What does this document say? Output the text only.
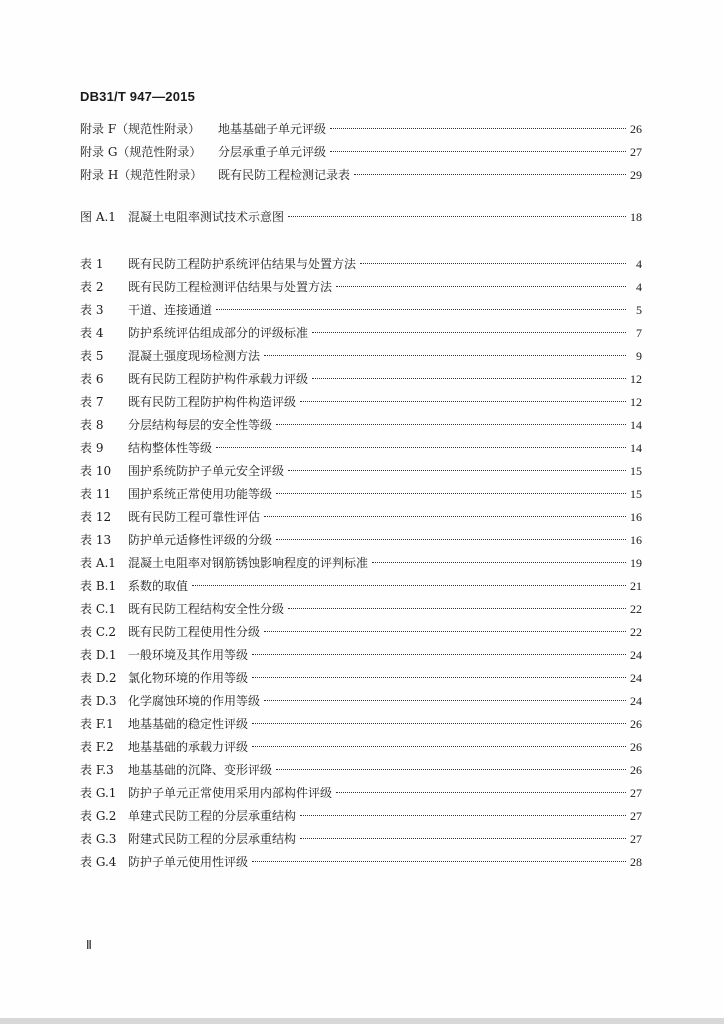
DB31/T 947—2015
附录 F（规范性附录）	地基基础子单元评级	26
附录 G（规范性附录）	分层承重子单元评级	27
附录 H（规范性附录）	既有民防工程检测记录表	29
图 A.1 混凝土电阻率测试技术示意图	18
表 1	既有民防工程防护系统评估结果与处置方法	4
表 2	既有民防工程检测评估结果与处置方法	4
表 3	干道、连接通道	5
表 4	防护系统评估组成部分的评级标准	7
表 5	混凝土强度现场检测方法	9
表 6	既有民防工程防护构件承载力评级	12
表 7	既有民防工程防护构件构造评级	12
表 8	分层结构每层的安全性等级	14
表 9	结构整体性等级	14
表 10	围护系统防护子单元安全评级	15
表 11	围护系统正常使用功能等级	15
表 12	既有民防工程可靠性评估	16
表 13	防护单元适修性评级的分级	16
表 A.1 混凝土电阻率对钢筋锈蚀影响程度的评判标准	19
表 B.1 系数的取值	21
表 C.1 既有民防工程结构安全性分级	22
表 C.2 既有民防工程使用性分级	22
表 D.1 一般环境及其作用等级	24
表 D.2 氯化物环境的作用等级	24
表 D.3 化学腐蚀环境的作用等级	24
表 F.1	地基基础的稳定性评级	26
表 F.2	地基基础的承载力评级	26
表 F.3	地基基础的沉降、变形评级	26
表 G.1 防护子单元正常使用采用内部构件评级	27
表 G.2 单建式民防工程的分层承重结构	27
表 G.3 附建式民防工程的分层承重结构	27
表 G.4 防护子单元使用性评级	28
Ⅱ
